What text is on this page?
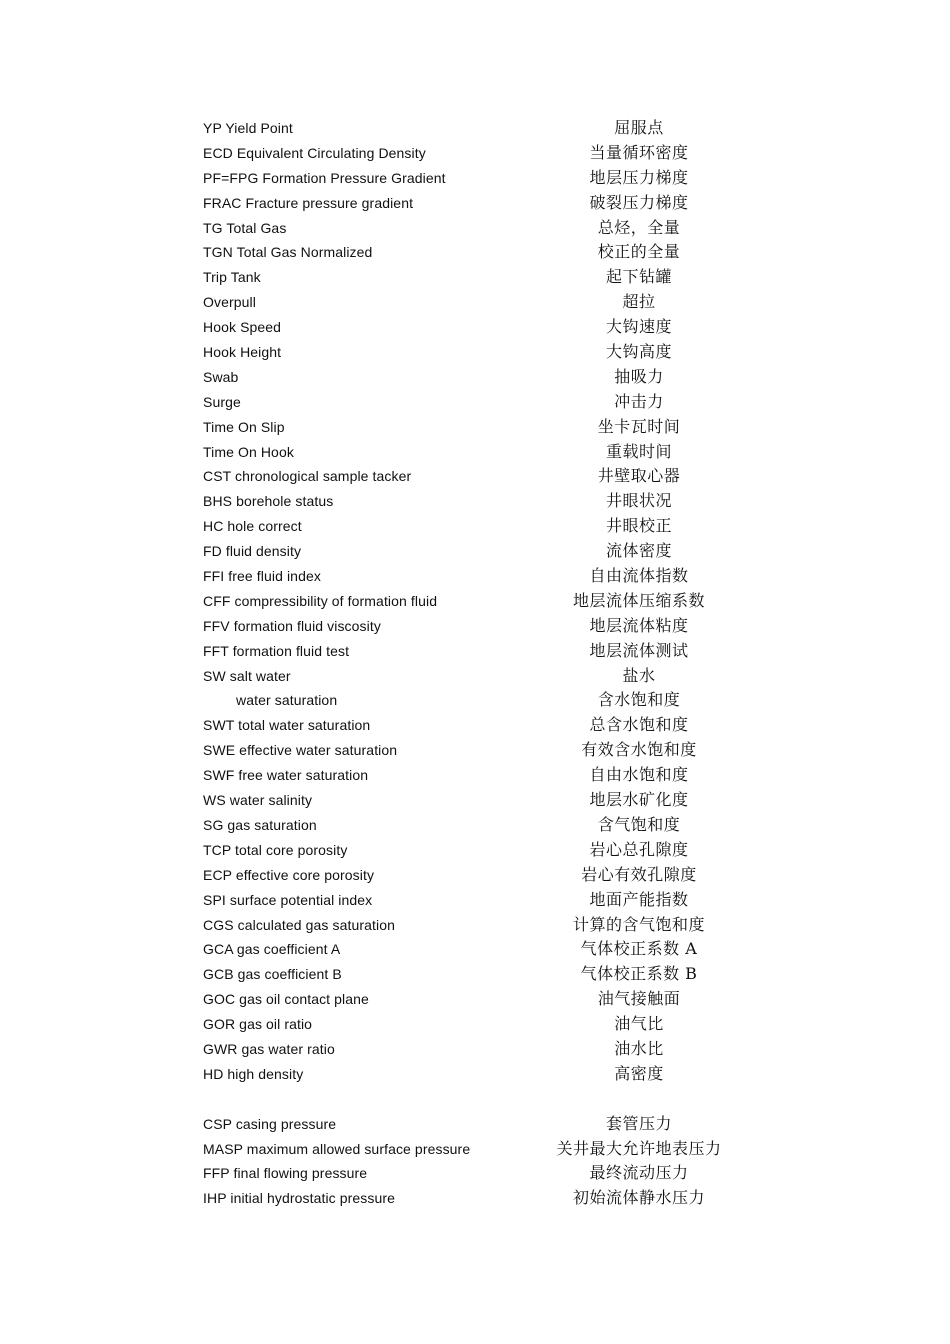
YP Yield Point	屈服点
ECD Equivalent Circulating Density	当量循环密度
PF=FPG Formation Pressure Gradient	地层压力梯度
FRAC Fracture pressure gradient	破裂压力梯度
TG Total Gas	总烃，全量
TGN Total Gas Normalized	校正的全量
Trip Tank	起下钻罐
Overpull	超拉
Hook Speed	大钩速度
Hook Height	大钩高度
Swab	抽吸力
Surge	冲击力
Time On Slip	坐卡瓦时间
Time On Hook	重载时间
CST chronological sample tacker	井壁取心器
BHS borehole status	井眼状况
HC hole correct	井眼校正
FD fluid density	流体密度
FFI free fluid index	自由流体指数
CFF compressibility of formation fluid	地层流体压缩系数
FFV formation fluid viscosity	地层流体粘度
FFT formation fluid test	地层流体测试
SW salt water	盐水
water saturation	含水饱和度
SWT total water saturation	总含水饱和度
SWE effective water saturation	有效含水饱和度
SWF free water saturation	自由水饱和度
WS water salinity	地层水矿化度
SG gas saturation	含气饱和度
TCP total core porosity	岩心总孔隙度
ECP effective core porosity	岩心有效孔隙度
SPI surface potential index	地面产能指数
CGS calculated gas saturation	计算的含气饱和度
GCA gas coefficient A	气体校正系数 A
GCB gas coefficient B	气体校正系数 B
GOC gas oil contact plane	油气接触面
GOR gas oil ratio	油气比
GWR gas water ratio	油水比
HD high density	高密度
CSP casing pressure	套管压力
MASP maximum allowed surface pressure	关井最大允许地表压力
FFP final flowing pressure	最终流动压力
IHP initial hydrostatic pressure	初始流体静水压力
